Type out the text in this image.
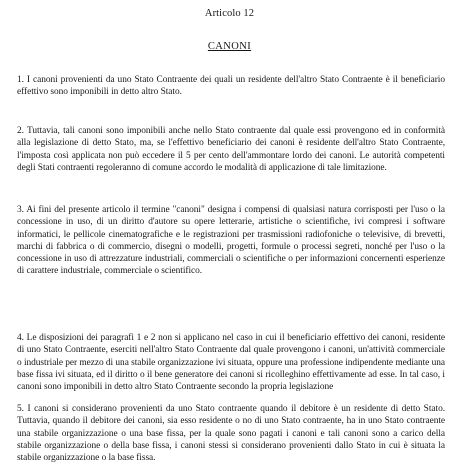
Articolo 12
CANONI

1. I canoni provenienti da uno Stato Contraente dei quali un residente dell'altro Stato Contraente è il beneficiario effettivo sono imponibili in detto altro Stato.

2. Tuttavia, tali canoni sono imponibili anche nello Stato contraente dal quale essi provengono ed in conformità alla legislazione di detto Stato, ma, se l'effettivo beneficiario dei canoni è residente dell'altro Stato Contraente, l'imposta così applicata non può eccedere il 5 per cento dell'ammontare lordo dei canoni. Le autorità competenti degli Stati contraenti regoleranno di comune accordo le modalità di applicazione di tale limitazione.

3. Ai fini del presente articolo il termine "canoni" designa i compensi di qualsiasi natura corrisposti per l'uso o la concessione in uso, di un diritto d'autore su opere letterarie, artistiche o scientifiche, ivi compresi i software informatici, le pellicole cinematografiche e le registrazioni per trasmissioni radiofoniche o televisive, di brevetti, marchi di fabbrica o di commercio, disegni o modelli, progetti, formule o processi segreti, nonché per l'uso o la concessione in uso di attrezzature industriali, commerciali o scientifiche o per informazioni concernenti esperienze di carattere industriale, commerciale o scientifico.

4. Le disposizioni dei paragrafi 1 e 2 non si applicano nel caso in cui il beneficiario effettivo dei canoni, residente di uno Stato Contraente, eserciti nell'altro Stato Contraente dal quale provengono i canoni, un'attività commerciale o industriale per mezzo di una stabile organizzazione ivi situata, oppure una professione indipendente mediante una base fissa ivi situata, ed il diritto o il bene generatore dei canoni si ricolleghino effettivamente ad esse. In tal caso, i canoni sono imponibili in detto altro Stato Contraente secondo la propria legislazione

5. I canoni si considerano provenienti da uno Stato contraente quando il debitore è un residente di detto Stato. Tuttavia, quando il debitore dei canoni, sia esso residente o no di uno Stato contraente, ha in uno Stato contraente una stabile organizzazione o una base fissa, per la quale sono pagati i canoni e tali canoni sono a carico della stabile organizzazione o della base fissa, i canoni stessi si considerano provenienti dallo Stato in cui è situata la stabile organizzazione o la base fissa.
